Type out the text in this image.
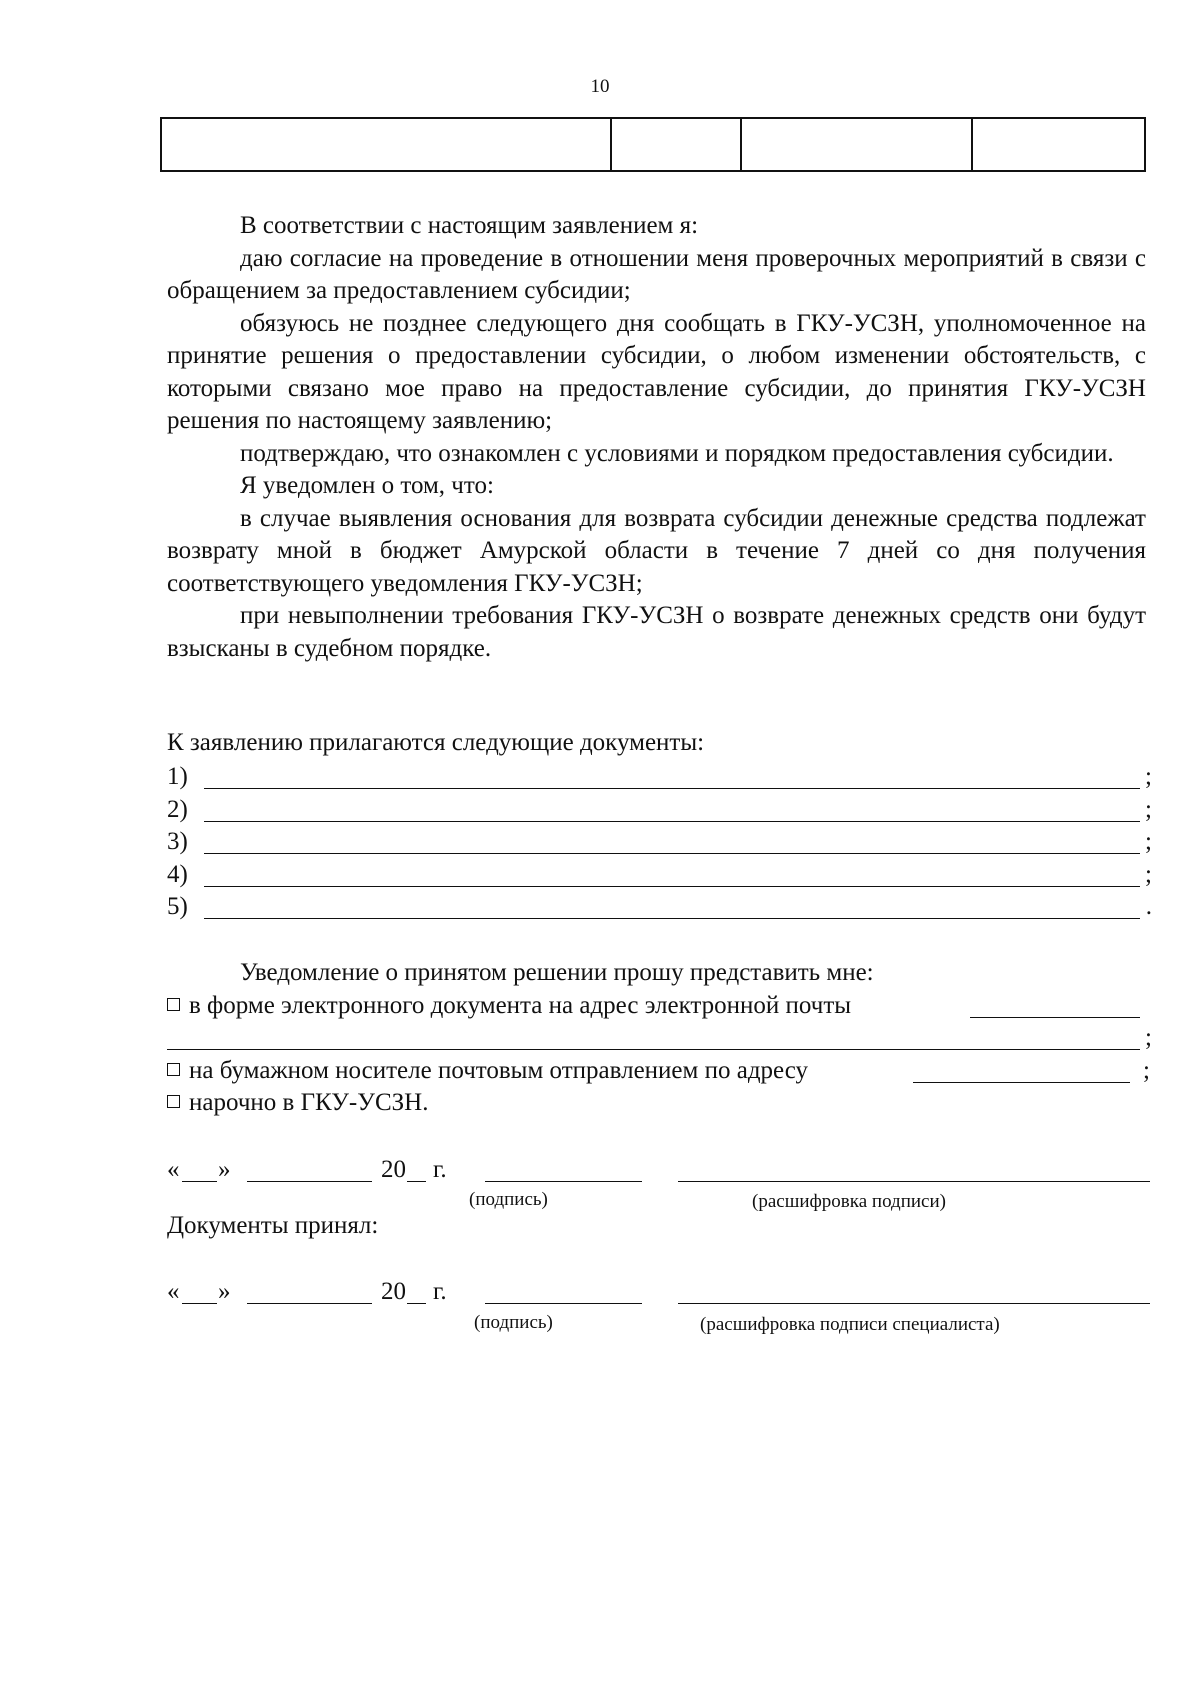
10

В соответствии с настоящим заявлением я:

даю согласие на проведение в отношении меня проверочных мероприятий в связи с обращением за предоставлением субсидии;

обязуюсь не позднее следующего дня сообщать в ГКУ-УСЗН, уполномоченное на принятие решения о предоставлении субсидии, о любом изменении обстоятельств, с которыми связано мое право на предоставление субсидии, до принятия ГКУ-УСЗН решения по настоящему заявлению;

подтверждаю, что ознакомлен с условиями и порядком предоставления субсидии.

Я уведомлен о том, что:

в случае выявления основания для возврата субсидии денежные средства подлежат возврату мной в бюджет Амурской области в течение 7 дней со дня получения соответствующего уведомления ГКУ-УСЗН;

при невыполнении требования ГКУ-УСЗН о возврате денежных средств они будут взысканы в судебном порядке.

К заявлению прилагаются следующие документы:
1)	;
2)	;
3)	;
4)	;
5)	.
Уведомление о принятом решении прошу представить мне:
в форме электронного документа на адрес электронной почты
;
на бумажном носителе почтовым отправлением по адресу	;
нарочно в ГКУ-УСЗН.
« »	20 г.
(подпись)	(расшифровка подписи)
Документы принял:
« »	20 г.
(подпись)	(расшифровка подписи специалиста)
